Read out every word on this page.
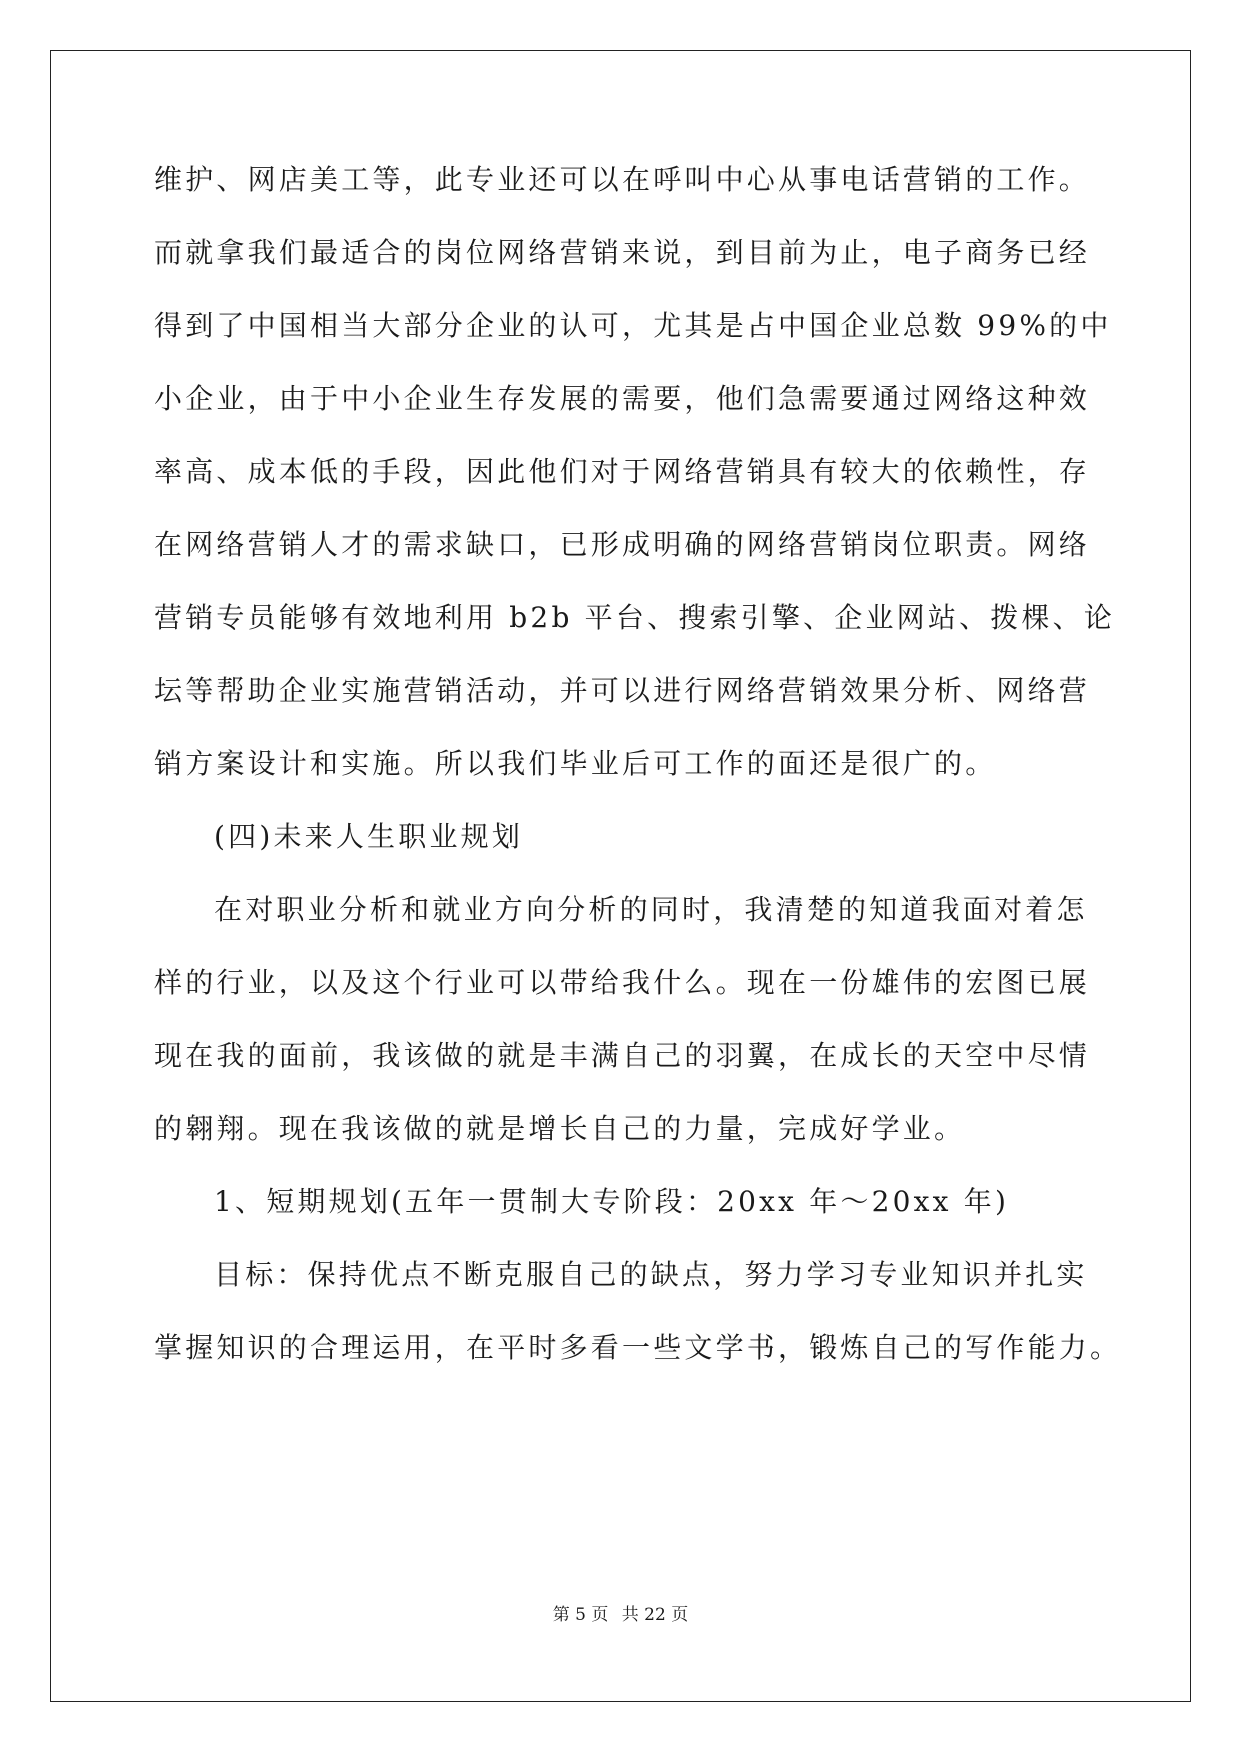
维护、网店美工等，此专业还可以在呼叫中心从事电话营销的工作。
而就拿我们最适合的岗位网络营销来说，到目前为止，电子商务已经
得到了中国相当大部分企业的认可，尤其是占中国企业总数 99%的中
小企业，由于中小企业生存发展的需要，他们急需要通过网络这种效
率高、成本低的手段，因此他们对于网络营销具有较大的依赖性，存
在网络营销人才的需求缺口，已形成明确的网络营销岗位职责。网络
营销专员能够有效地利用 b2b 平台、搜索引擎、企业网站、拨棵、论
坛等帮助企业实施营销活动，并可以进行网络营销效果分析、网络营
销方案设计和实施。所以我们毕业后可工作的面还是很广的。
(四)未来人生职业规划
在对职业分析和就业方向分析的同时，我清楚的知道我面对着怎
样的行业，以及这个行业可以带给我什么。现在一份雄伟的宏图已展
现在我的面前，我该做的就是丰满自己的羽翼，在成长的天空中尽情
的翱翔。现在我该做的就是增长自己的力量，完成好学业。
1、短期规划(五年一贯制大专阶段：20xx 年～20xx 年)
目标：保持优点不断克服自己的缺点，努力学习专业知识并扎实
掌握知识的合理运用，在平时多看一些文学书，锻炼自己的写作能力。
第 5 页 共 22 页
